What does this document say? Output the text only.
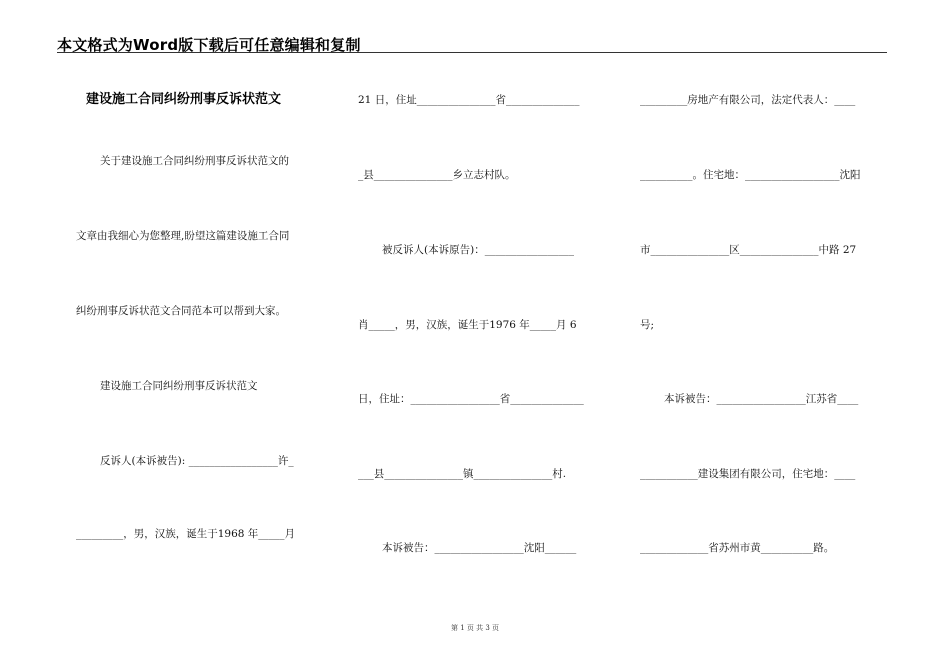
本文格式为Word版下载后可任意编辑和复制
建设施工合同纠纷刑事反诉状范文
关于建设施工合同纠纷刑事反诉状范文的
文章由我细心为您整理,盼望这篇建设施工合同
纠纷刑事反诉状范文合同范本可以帮到大家。
建设施工合同纠纷刑事反诉状范文
反诉人(本诉被告): _________________许_
_________，男，汉族，诞生于1968 年_____月
21 日，住址_______________省______________
_县_______________乡立志村队。
被反诉人(本诉原告)：_________________
肖_____，男，汉族，诞生于1976 年_____月 6
日，住址：_________________省______________
___县_______________镇_______________村.
本诉被告：_________________沈阳______
_________房地产有限公司，法定代表人：____
__________。住宅地：__________________沈阳
市_______________区_______________中路 27
号;
本诉被告：_________________江苏省____
___________建设集团有限公司，住宅地：____
_____________省苏州市黄__________路。
第 1 页 共 3 页
